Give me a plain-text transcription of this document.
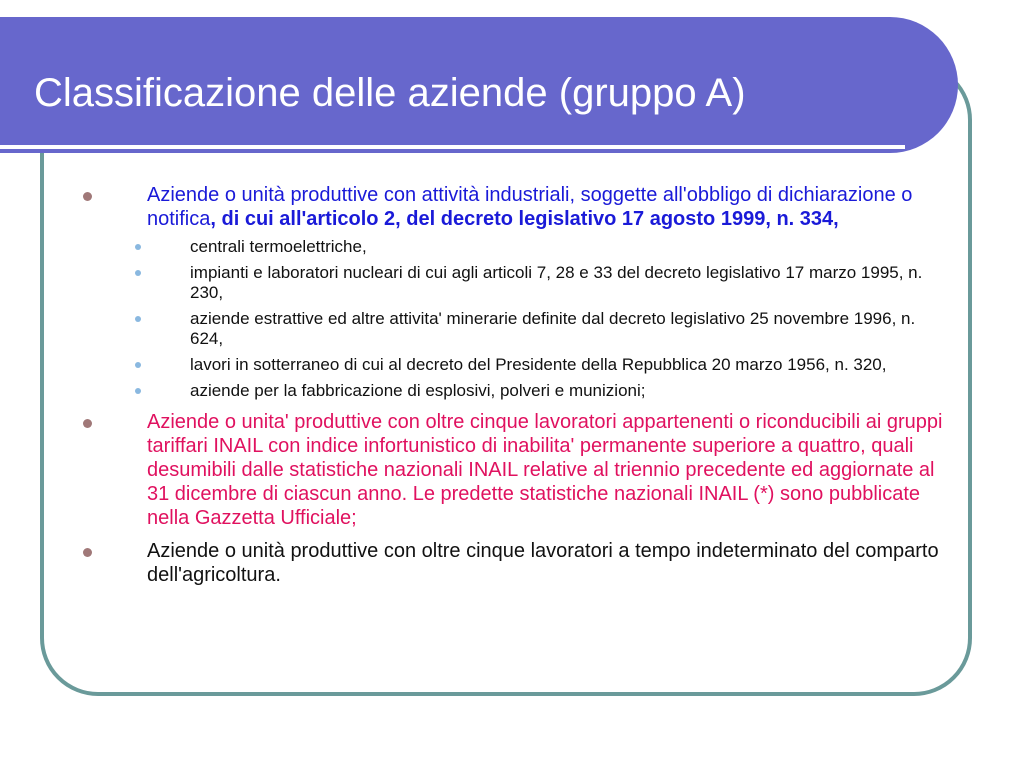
Classificazione delle aziende (gruppo A)
Aziende o unità produttive con attività industriali, soggette all'obbligo di dichiarazione o notifica, di cui all'articolo 2, del decreto legislativo 17 agosto 1999, n. 334,
centrali termoelettriche,
impianti e laboratori nucleari di cui agli articoli 7, 28 e 33 del decreto legislativo 17 marzo 1995, n. 230,
aziende estrattive ed altre attivita' minerarie definite dal decreto legislativo 25 novembre 1996, n. 624,
lavori in sotterraneo di cui al decreto del Presidente della Repubblica 20 marzo 1956, n. 320,
aziende per la fabbricazione di esplosivi, polveri e munizioni;
Aziende o unita' produttive con oltre cinque lavoratori appartenenti o riconducibili ai gruppi tariffari INAIL con indice infortunistico di inabilita' permanente superiore a quattro, quali desumibili dalle statistiche nazionali INAIL relative al triennio precedente ed aggiornate al 31 dicembre di ciascun anno. Le predette statistiche nazionali INAIL (*) sono pubblicate nella Gazzetta Ufficiale;
Aziende o unità produttive con oltre cinque lavoratori a tempo indeterminato del comparto dell'agricoltura.
